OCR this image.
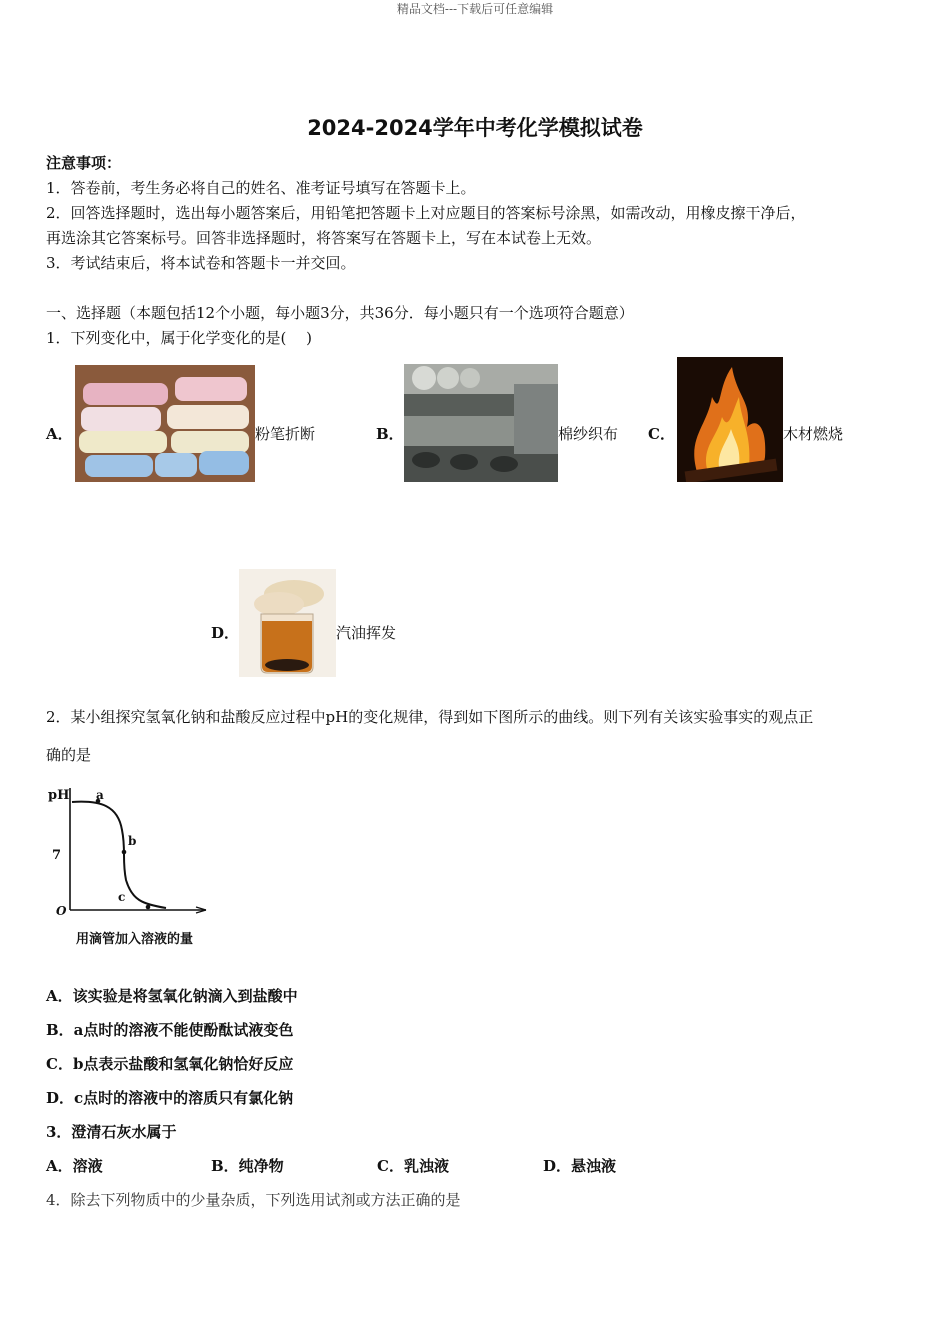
精品文档---下载后可任意编辑
2024-2024学年中考化学模拟试卷
注意事项：
1．答卷前，考生务必将自己的姓名、准考证号填写在答题卡上。
2．回答选择题时，选出每小题答案后，用铅笔把答题卡上对应题目的答案标号涂黑，如需改动，用橡皮擦干净后，
再选涂其它答案标号。回答非选择题时，将答案写在答题卡上，写在本试卷上无效。
3．考试结束后，将本试卷和答题卡一并交回。
一、选择题（本题包括12个小题，每小题3分，共36分．每小题只有一个选项符合题意）
1．下列变化中，属于化学变化的是(　 )
A．	粉笔折断	B．	棉纱织布 C．	木材燃烧
D．	汽油挥发
2．某小组探究氢氧化钠和盐酸反应过程中pH的变化规律，得到如下图所示的曲线。则下列有关该实验事实的观点正
确的是
pH
7
O
a
b
c
用滴管加入溶液的量
A．该实验是将氢氧化钠滴入到盐酸中
B．a点时的溶液不能使酚酞试液变色
C．b点表示盐酸和氢氧化钠恰好反应
D．c点时的溶液中的溶质只有氯化钠
3．澄清石灰水属于
A．溶液	B．纯净物	C．乳浊液	D．悬浊液
4．除去下列物质中的少量杂质，下列选用试剂或方法正确的是
